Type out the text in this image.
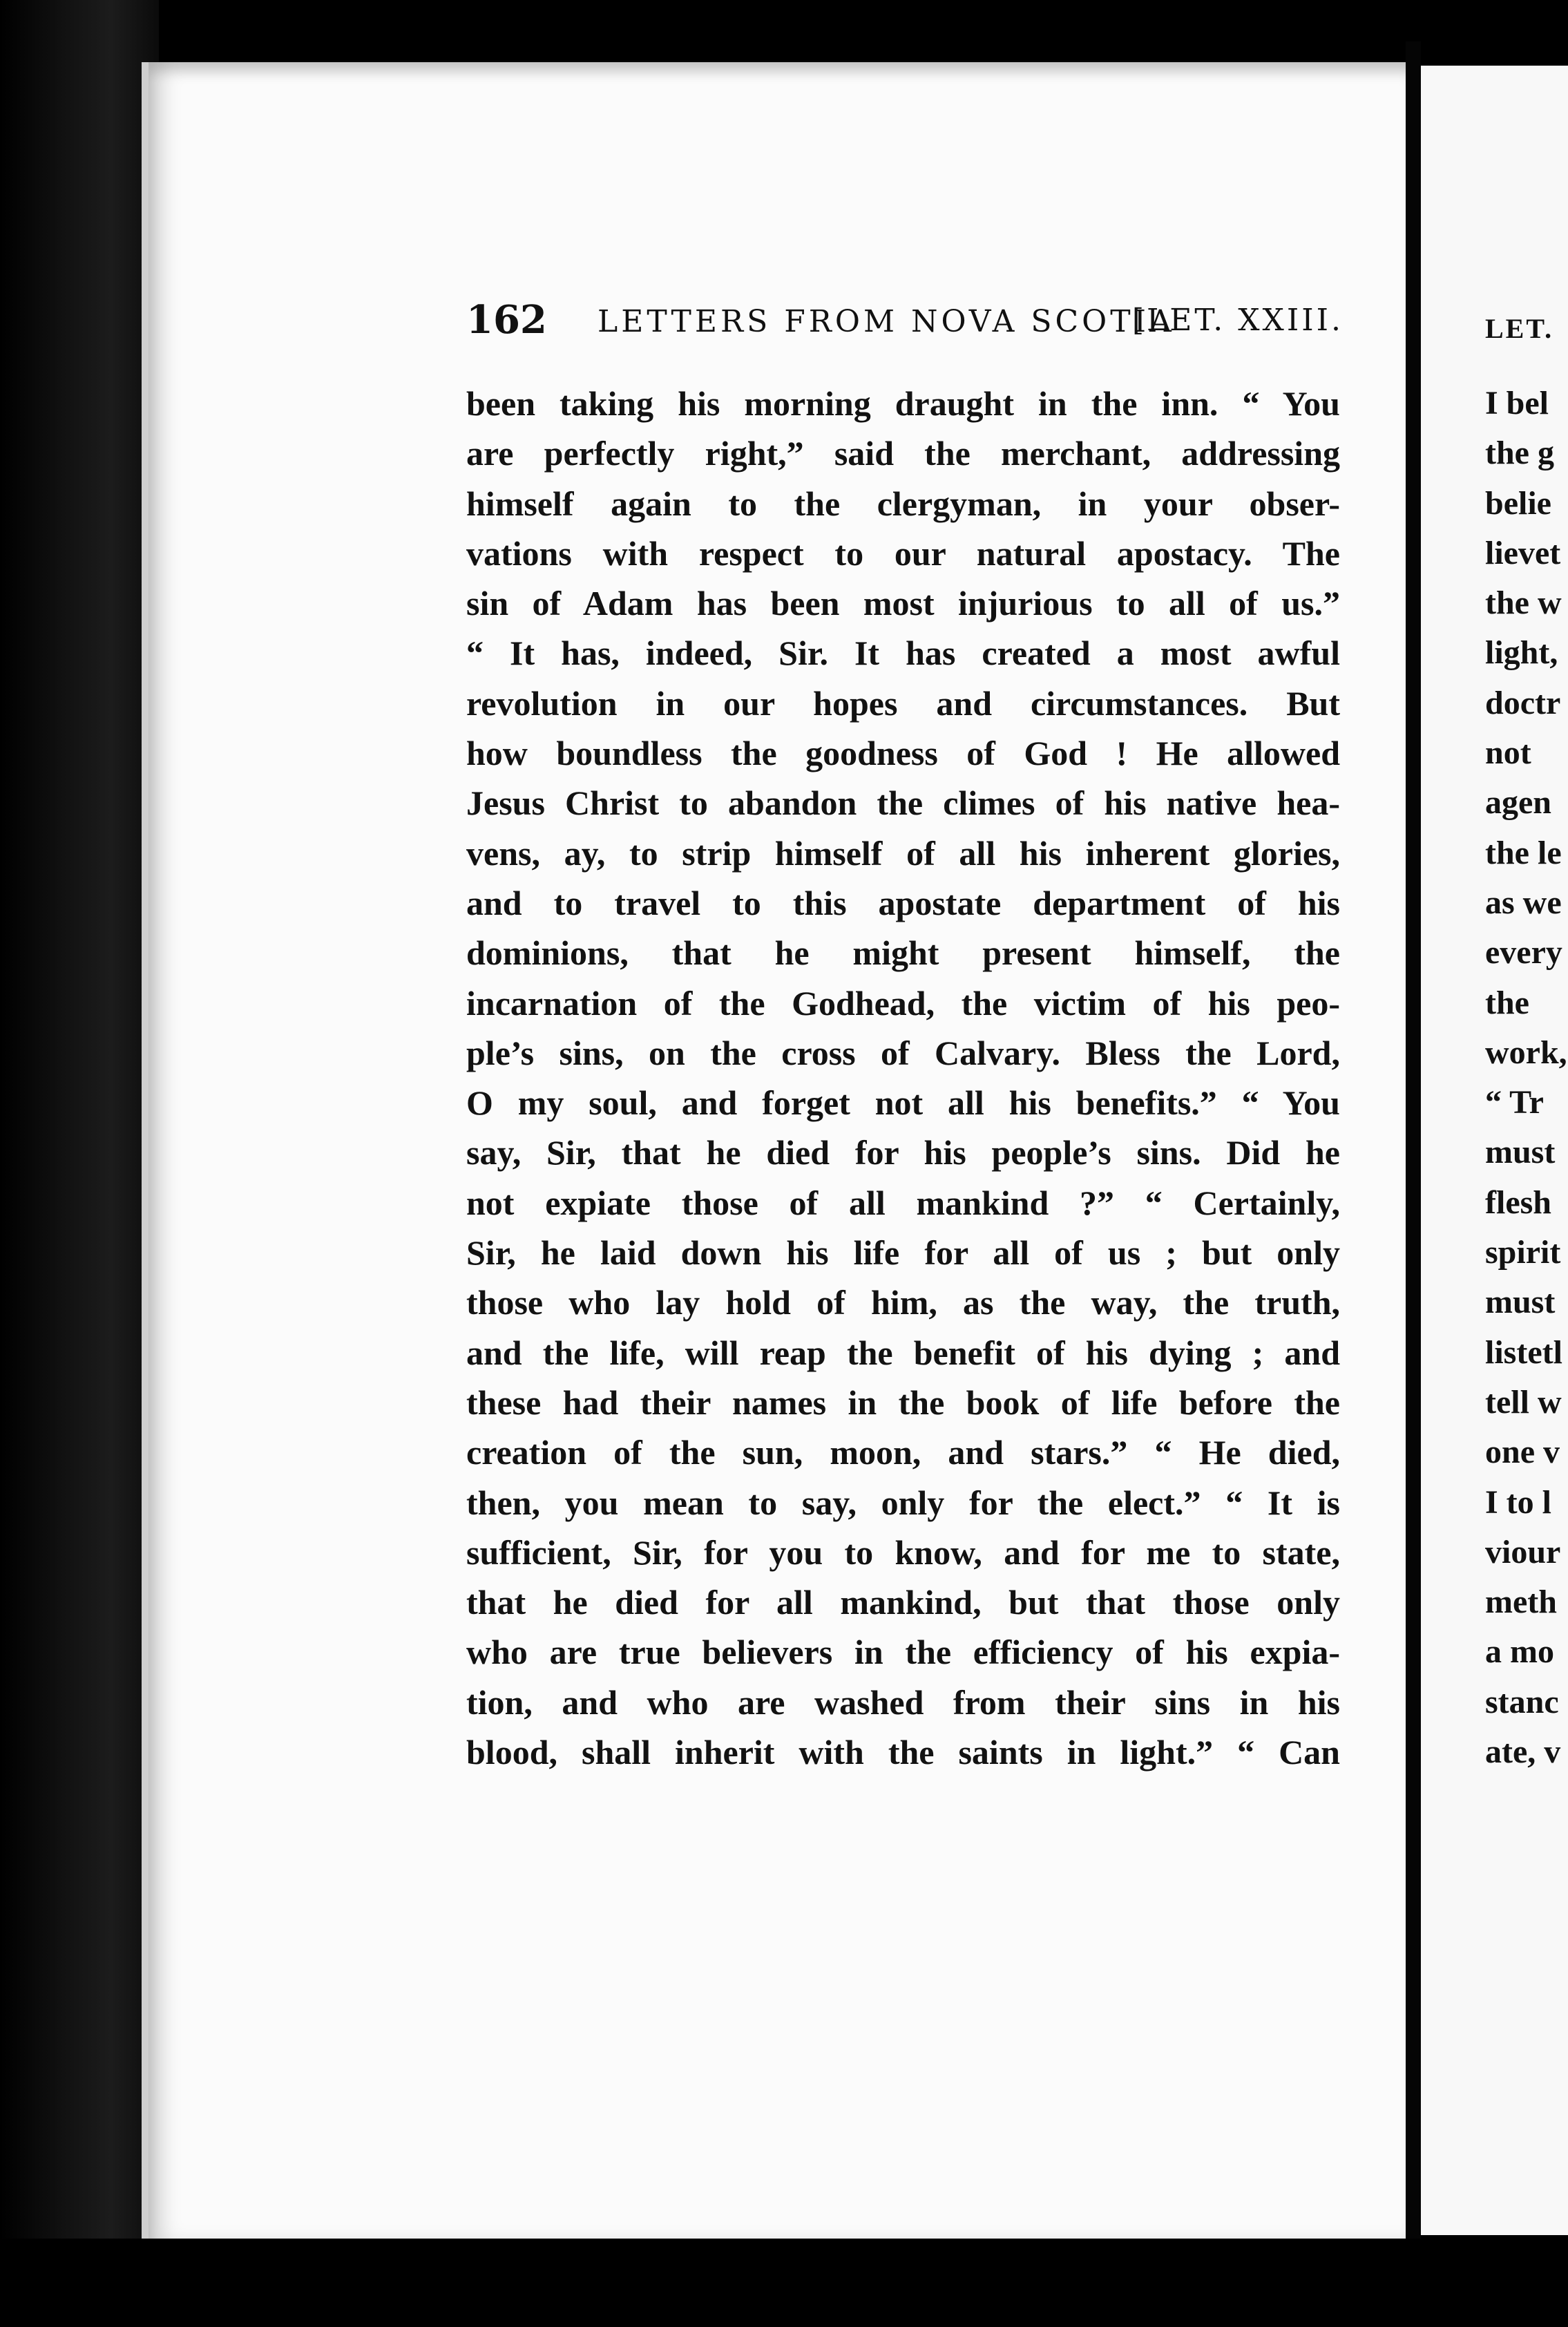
162 LETTERS FROM NOVA SCOTIA
[LET. XXIII.
been taking his morning draught in the inn. “ You
are perfectly right,” said the merchant, addressing
himself again to the clergyman, in your obser-
vations with respect to our natural apostacy. The
sin of Adam has been most injurious to all of us.”
“ It has, indeed, Sir. It has created a most awful
revolution in our hopes and circumstances. But
how boundless the goodness of God ! He allowed
Jesus Christ to abandon the climes of his native hea-
vens, ay, to strip himself of all his inherent glories,
and to travel to this apostate department of his
dominions, that he might present himself, the
incarnation of the Godhead, the victim of his peo-
ple’s sins, on the cross of Calvary. Bless the Lord,
O my soul, and forget not all his benefits.” “ You
say, Sir, that he died for his people’s sins. Did he
not expiate those of all mankind ?” “ Certainly,
Sir, he laid down his life for all of us ; but only
those who lay hold of him, as the way, the truth,
and the life, will reap the benefit of his dying ; and
these had their names in the book of life before the
creation of the sun, moon, and stars.” “ He died,
then, you mean to say, only for the elect.” “ It is
sufficient, Sir, for you to know, and for me to state,
that he died for all mankind, but that those only
who are true believers in the efficiency of his expia-
tion, and who are washed from their sins in his
blood, shall inherit with the saints in light.” “ Can
LET.
I bel
the g
belie
lievet
the w
light,
doctr
not
agen
the le
as we
every
the
work,
“ Tr
must
flesh
spirit
must
listetl
tell w
one v
I to l
viour
meth
a mo
stanc
ate, v
